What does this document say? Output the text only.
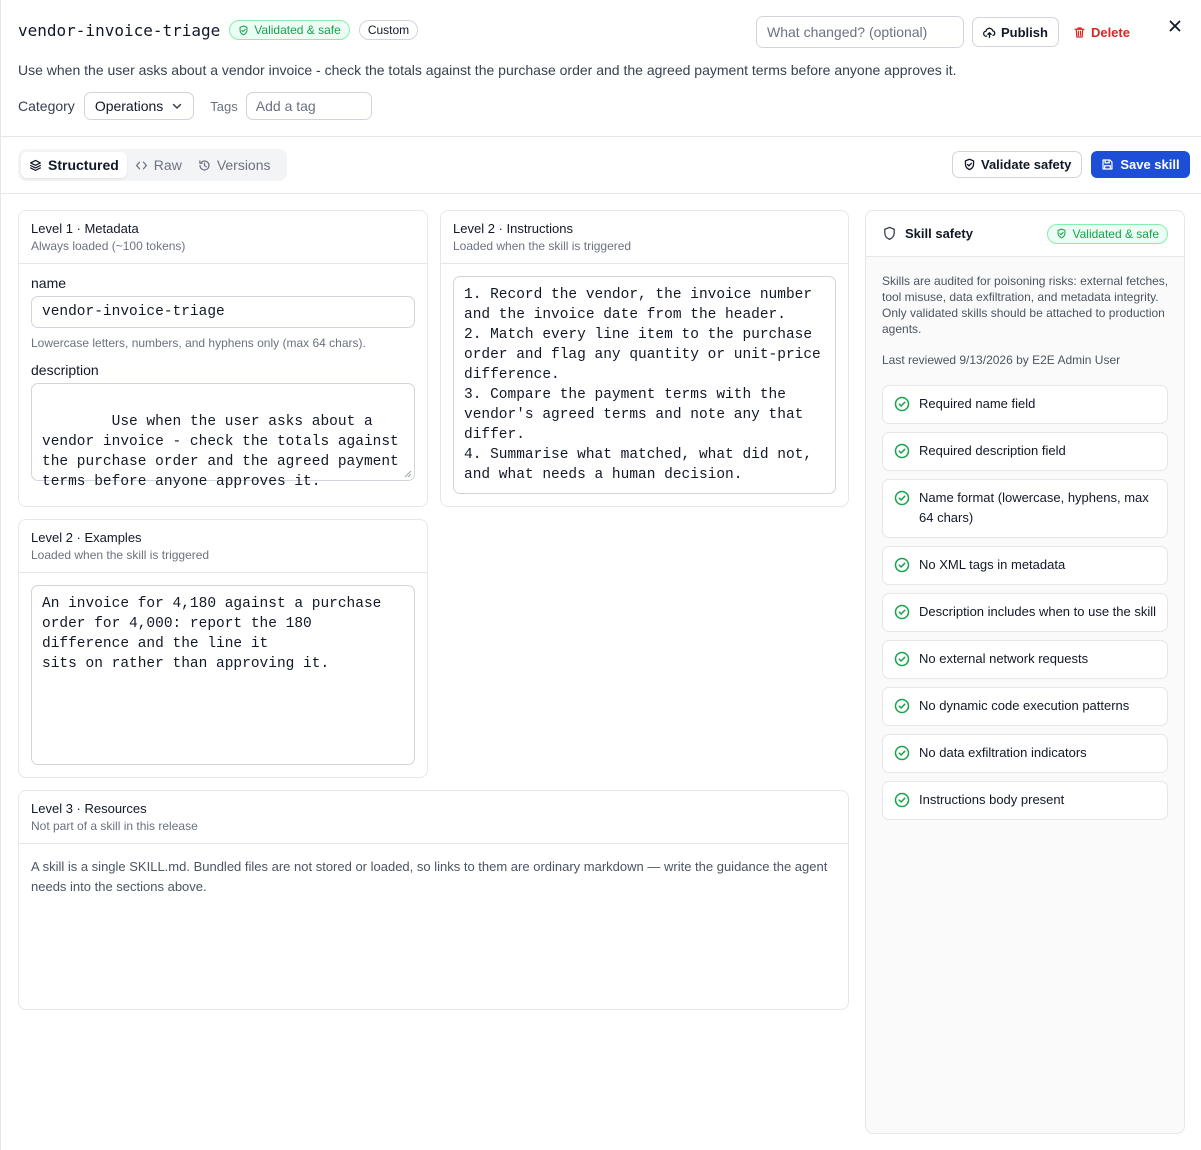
vendor-invoice-triage	Validated & safe	Custom
What changed? (optional)	Publish	Delete
Use when the user asks about a vendor invoice - check the totals against the purchase order and the agreed payment terms before anyone approves it.
Category Operations	Tags
Add a tag
Structured	Raw	Versions	Validate safety	Save skill
Level 1 · Metadata
Always loaded (~100 tokens)
name
vendor-invoice-triage
Lowercase letters, numbers, and hyphens only (max 64 chars).
description

Use when the user asks about a vendor invoice - check the totals against the purchase order and the agreed payment terms before anyone approves it.

Level 2 · Instructions
Loaded when the skill is triggered
1. Record the vendor, the invoice number and the invoice date from the header.
2. Match every line item to the purchase order and flag any quantity or unit-price difference.
3. Compare the payment terms with the vendor's agreed terms and note any that differ.
4. Summarise what matched, what did not, and what needs a human decision.
Level 2 · Examples
Loaded when the skill is triggered
An invoice for 4,180 against a purchase order for 4,000: report the 180 difference and the line it
sits on rather than approving it.
Level 3 · Resources
Not part of a skill in this release
A skill is a single SKILL.md. Bundled files are not stored or loaded, so links to them are ordinary markdown — write the guidance the agent needs into the sections above.
Skill safety	Validated & safe
Skills are audited for poisoning risks: external fetches, tool misuse, data exfiltration, and metadata integrity. Only validated skills should be attached to production agents.
Last reviewed 9/13/2026 by E2E Admin User
Required name field
Required description field
Name format (lowercase, hyphens, max 64 chars)
No XML tags in metadata
Description includes when to use the skill
No external network requests
No dynamic code execution patterns
No data exfiltration indicators
Instructions body present
